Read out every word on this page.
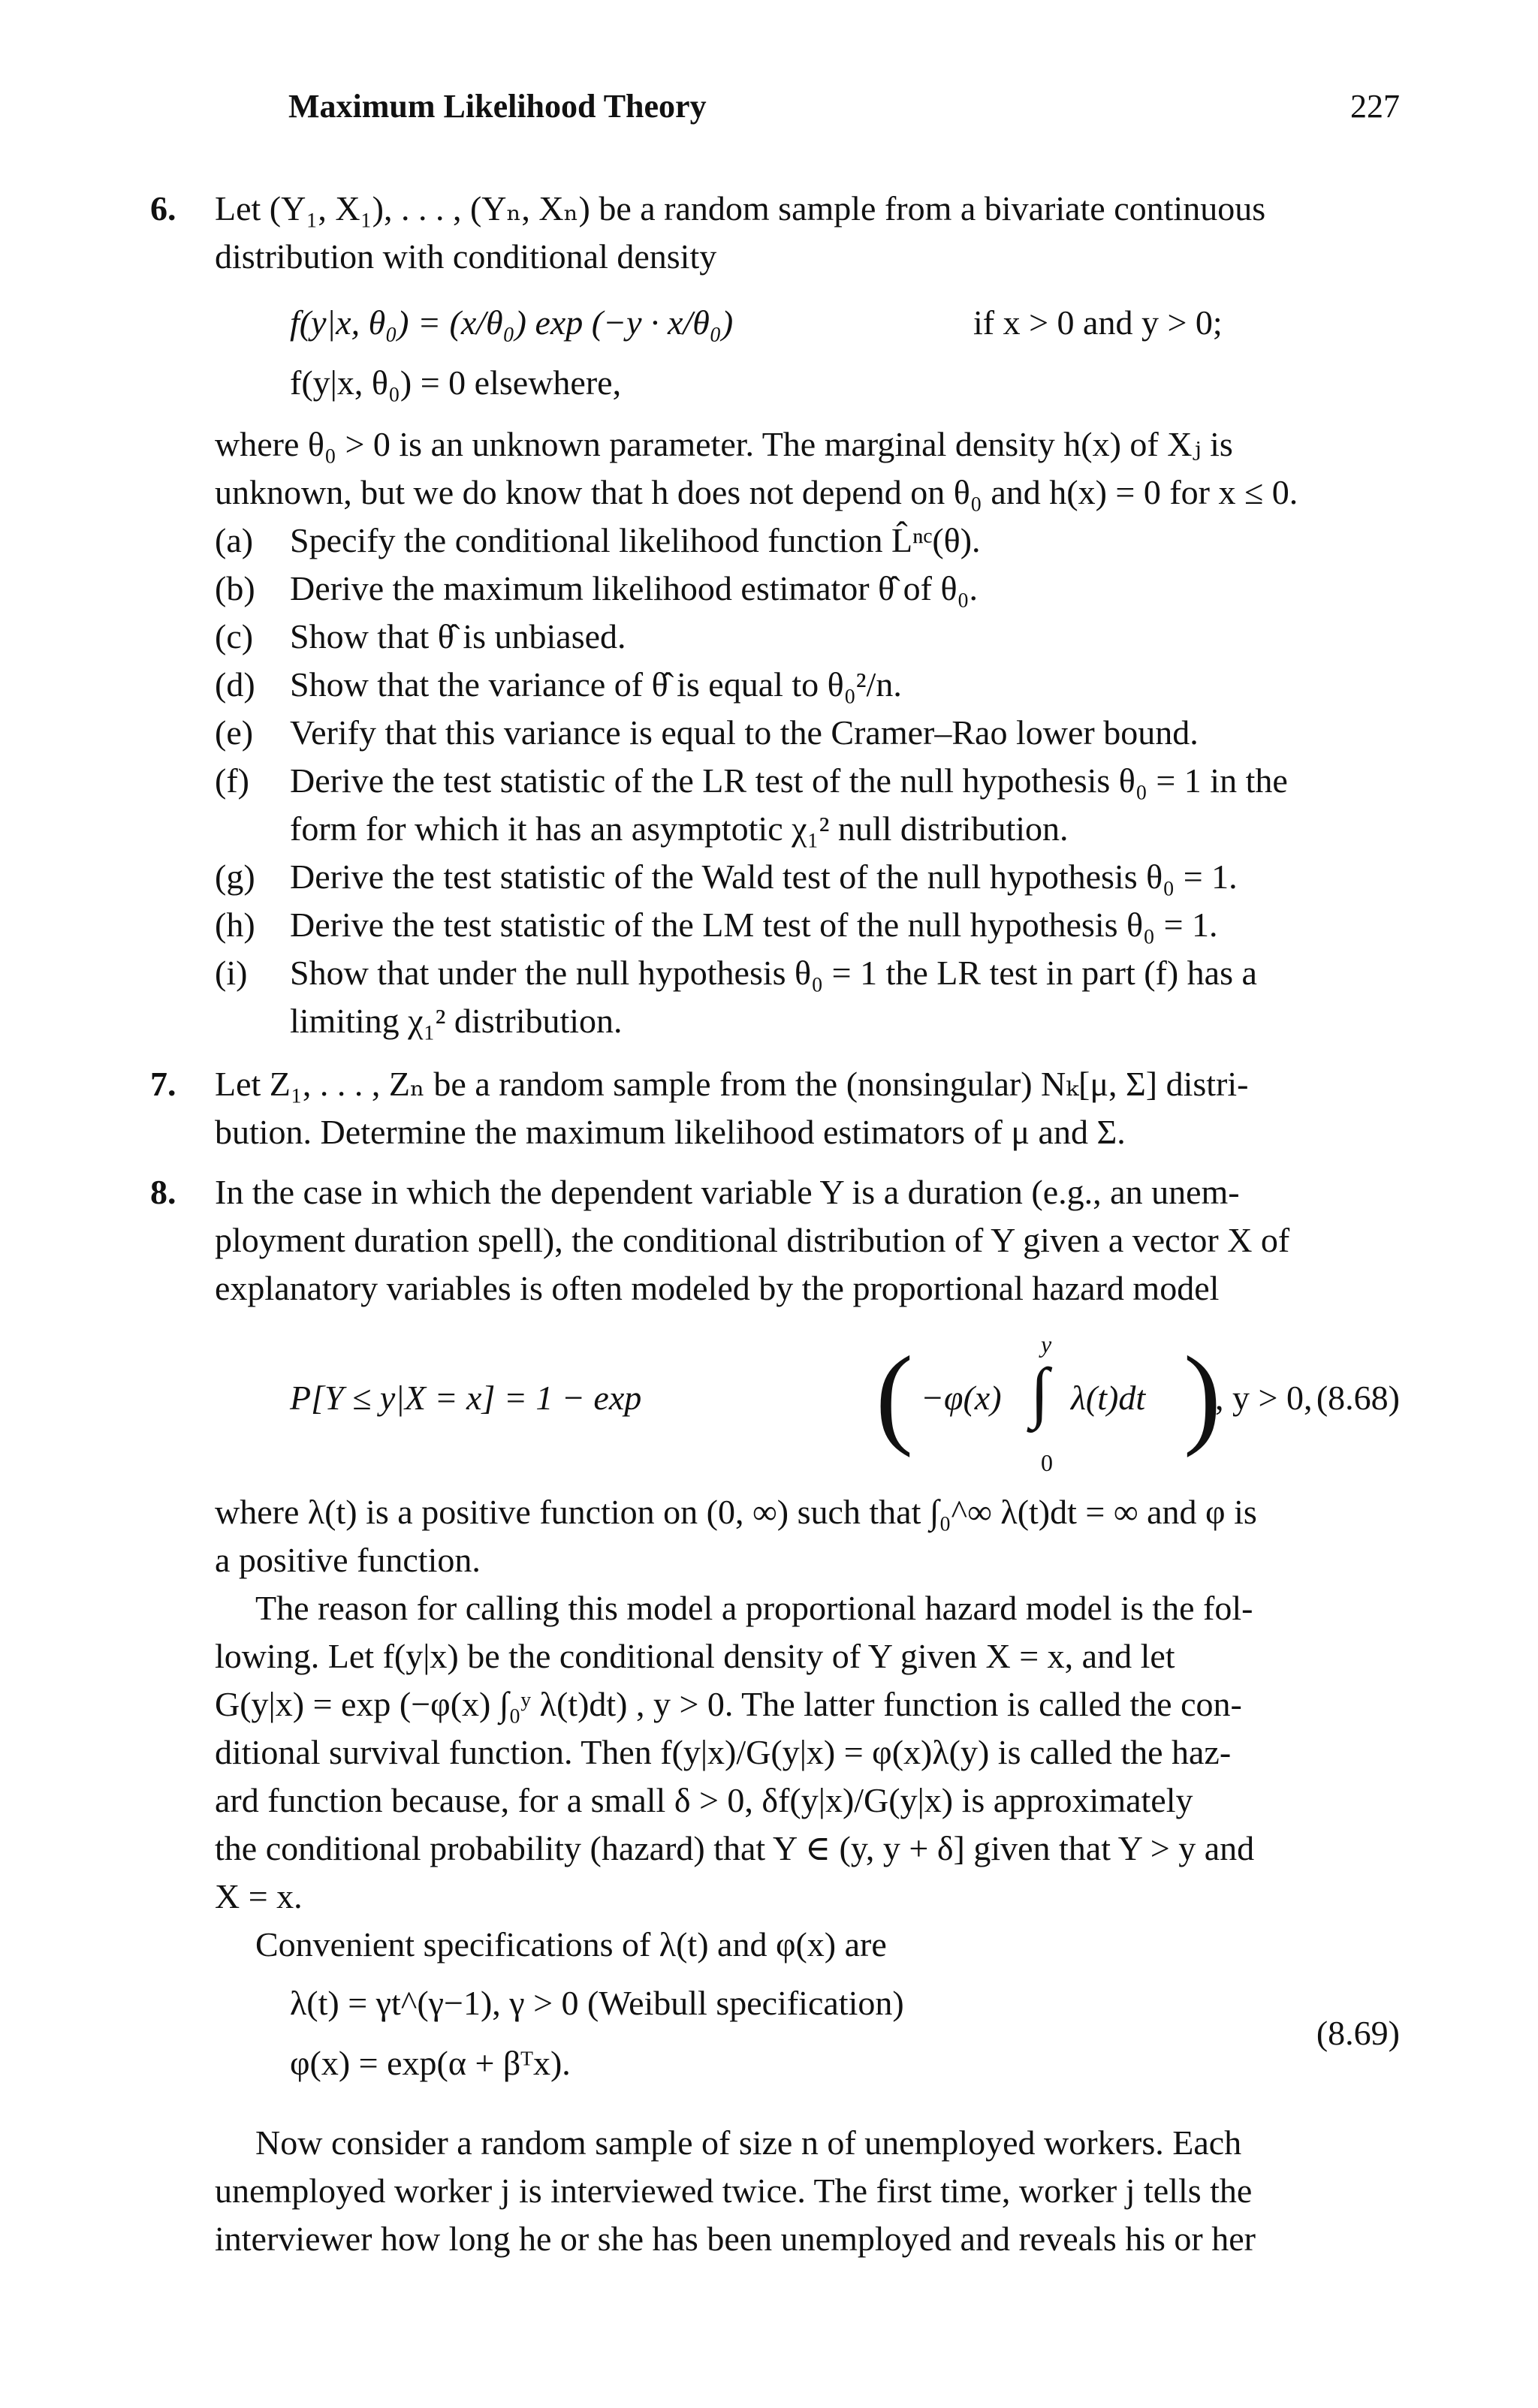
Maximum Likelihood Theory	227
6. Let (Y₁, X₁), . . . , (Yₙ, Xₙ) be a random sample from a bivariate continuous
distribution with conditional density
f(y|x, θ₀) = (x/θ₀) exp (−y · x/θ₀)	if x > 0 and y > 0;
f(y|x, θ₀) = 0 elsewhere,
where θ₀ > 0 is an unknown parameter. The marginal density h(x) of Xⱼ is
unknown, but we do know that h does not depend on θ₀ and h(x) = 0 for x ≤ 0.
(a) Specify the conditional likelihood function L̂ⁿᶜ(θ).
(b) Derive the maximum likelihood estimator θ̂ of θ₀.
(c) Show that θ̂ is unbiased.
(d) Show that the variance of θ̂ is equal to θ₀²/n.
(e) Verify that this variance is equal to the Cramer–Rao lower bound.
(f) Derive the test statistic of the LR test of the null hypothesis θ₀ = 1 in the
form for which it has an asymptotic χ₁² null distribution.
(g) Derive the test statistic of the Wald test of the null hypothesis θ₀ = 1.
(h) Derive the test statistic of the LM test of the null hypothesis θ₀ = 1.
(i) Show that under the null hypothesis θ₀ = 1 the LR test in part (f) has a
limiting χ₁² distribution.
7. Let Z₁, . . . , Zₙ be a random sample from the (nonsingular) Nₖ[μ, Σ] distri-
bution. Determine the maximum likelihood estimators of μ and Σ.
8. In the case in which the dependent variable Y is a duration (e.g., an unem-
ployment duration spell), the conditional distribution of Y given a vector X of
explanatory variables is often modeled by the proportional hazard model
P[Y ≤ y|X = x] = 1 − exp ( −φ(x)
y
∫
0
λ(t)dt )
, y > 0, (8.68)
where λ(t) is a positive function on (0, ∞) such that ∫₀^∞ λ(t)dt = ∞ and φ is
a positive function.
The reason for calling this model a proportional hazard model is the fol-
lowing. Let f(y|x) be the conditional density of Y given X = x, and let
G(y|x) = exp (−φ(x) ∫₀ʸ λ(t)dt) , y > 0. The latter function is called the con-
ditional survival function. Then f(y|x)/G(y|x) = φ(x)λ(y) is called the haz-
ard function because, for a small δ > 0, δf(y|x)/G(y|x) is approximately
the conditional probability (hazard) that Y ∈ (y, y + δ] given that Y > y and
X = x.
Convenient specifications of λ(t) and φ(x) are
λ(t) = γt^(γ−1), γ > 0 (Weibull specification)
φ(x) = exp(α + βᵀx).
(8.69)
Now consider a random sample of size n of unemployed workers. Each
unemployed worker j is interviewed twice. The first time, worker j tells the
interviewer how long he or she has been unemployed and reveals his or her
